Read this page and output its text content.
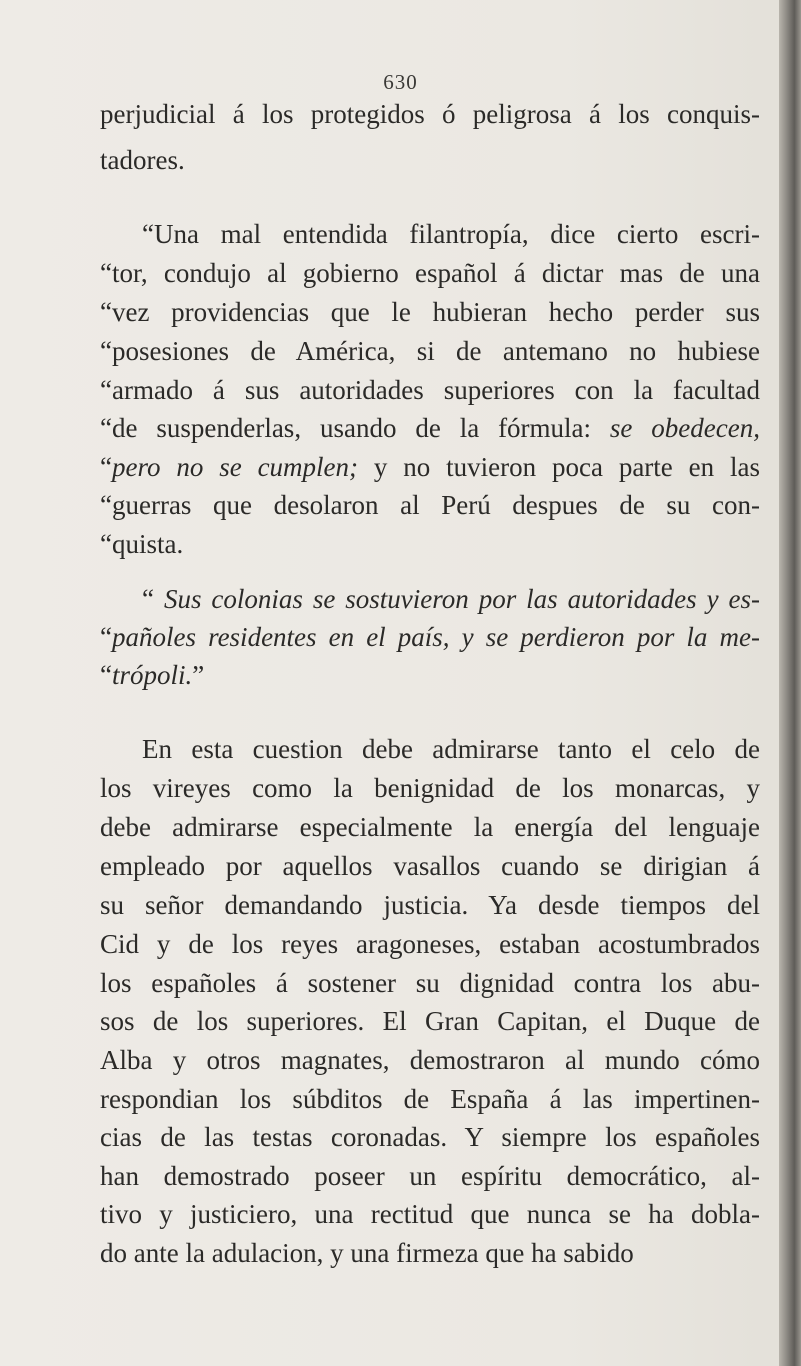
630
perjudicial á los protegidos ó peligrosa á los conquis-
tadores.
“Una mal entendida filantropía, dice cierto escri-
“tor, condujo al gobierno español á dictar mas de una
“vez providencias que le hubieran hecho perder sus
“posesiones de América, si de antemano no hubiese
“armado á sus autoridades superiores con la facultad
“de suspenderlas, usando de la fórmula: se obedecen,
“pero no se cumplen; y no tuvieron poca parte en las
“guerras que desolaron al Perú despues de su con-
“quista.
“ Sus colonias se sostuvieron por las autoridades y es-
“pañoles residentes en el país, y se perdieron por la me-
“trópoli.”
En esta cuestion debe admirarse tanto el celo de
los vireyes como la benignidad de los monarcas, y
debe admirarse especialmente la energía del lenguaje
empleado por aquellos vasallos cuando se dirigian á
su señor demandando justicia. Ya desde tiempos del
Cid y de los reyes aragoneses, estaban acostumbrados
los españoles á sostener su dignidad contra los abu-
sos de los superiores. El Gran Capitan, el Duque de
Alba y otros magnates, demostraron al mundo cómo
respondian los súbditos de España á las impertinen-
cias de las testas coronadas. Y siempre los españoles
han demostrado poseer un espíritu democrático, al-
tivo y justiciero, una rectitud que nunca se ha dobla-
do ante la adulacion, y una firmeza que ha sabido
